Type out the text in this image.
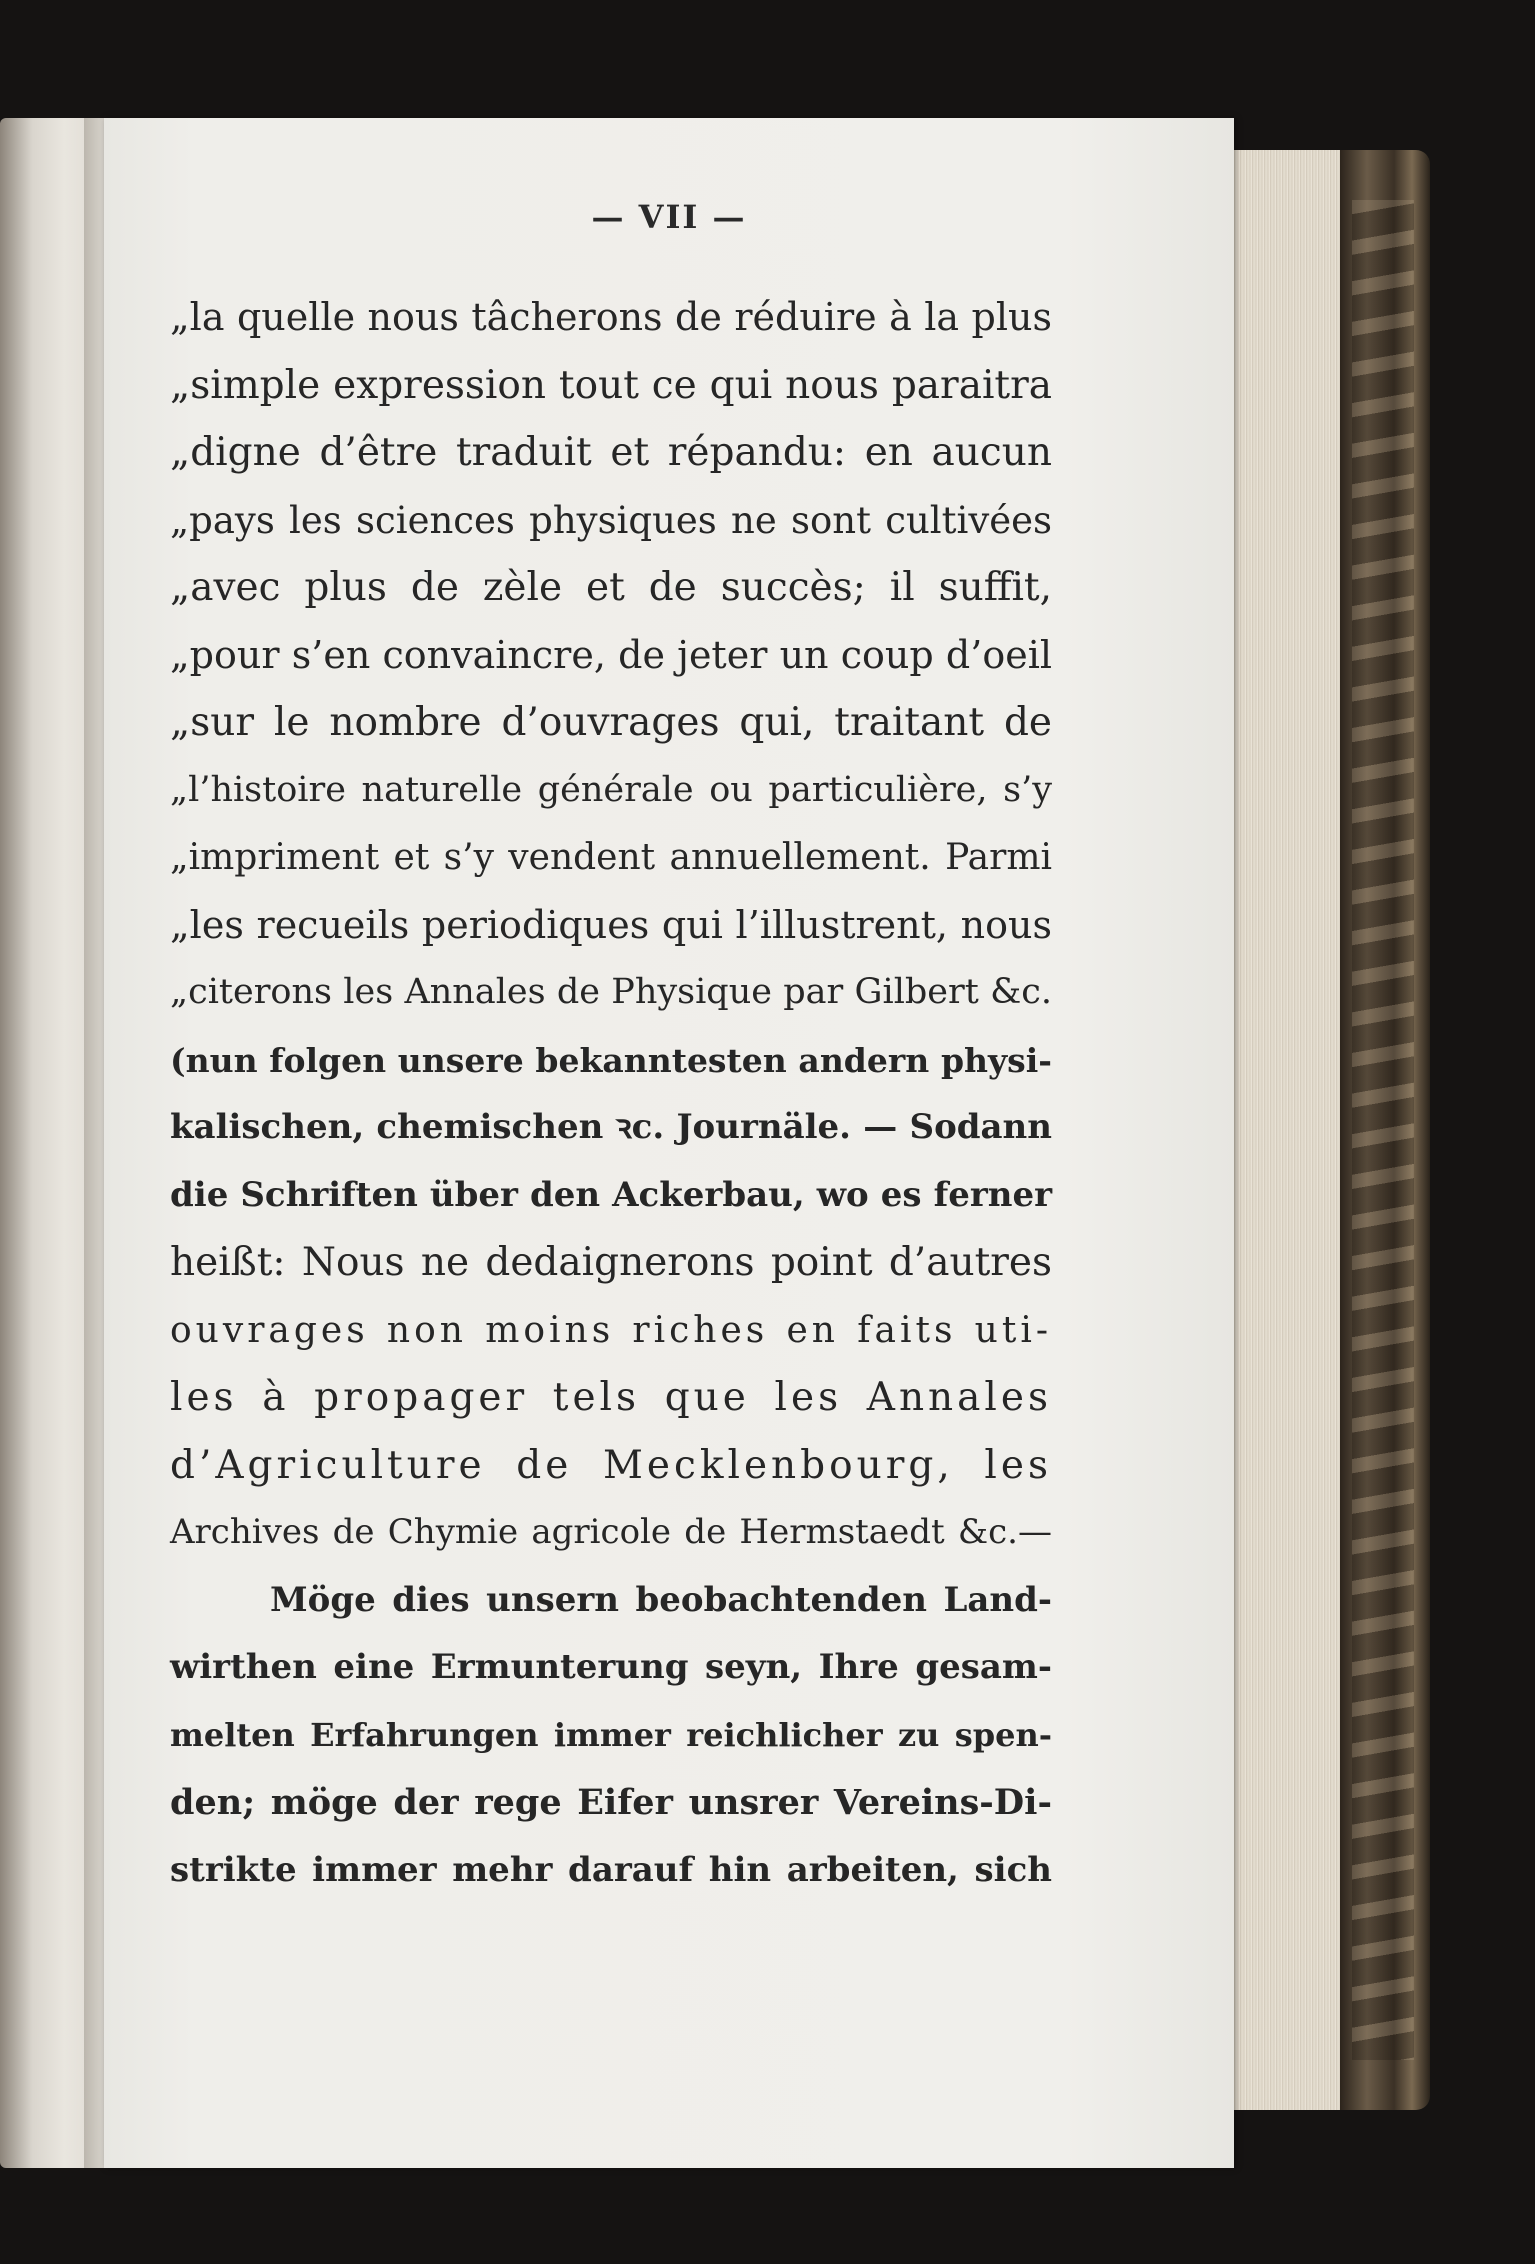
— VII —
„la quelle nous tâcherons de réduire à la plus
„simple expression tout ce qui nous paraitra
„digne d’être traduit et répandu: en aucun
„pays les sciences physiques ne sont cultivées
„avec plus de zèle et de succès; il suffit,
„pour s’en convaincre, de jeter un coup d’oeil
„sur le nombre d’ouvrages qui, traitant de
„l’histoire naturelle générale ou particulière, s’y
„impriment et s’y vendent annuellement. Parmi
„les recueils periodiques qui l’illustrent, nous
„citerons les Annales de Physique par Gilbert &c.
(nun folgen unsere bekanntesten andern physi-
kalischen, chemischen ꝛc. Journäle. — Sodann
die Schriften über den Ackerbau, wo es ferner
heißt: Nous ne dedaignerons point d’autres
ouvrages non moins riches en faits uti-
les à propager tels que les Annales
d’Agriculture de Mecklenbourg, les
Archives de Chymie agricole de Hermstaedt &c.—
Möge dies unsern beobachtenden Land-
wirthen eine Ermunterung seyn, Ihre gesam-
melten Erfahrungen immer reichlicher zu spen-
den; möge der rege Eifer unsrer Vereins-Di-
strikte immer mehr darauf hin arbeiten, sich
